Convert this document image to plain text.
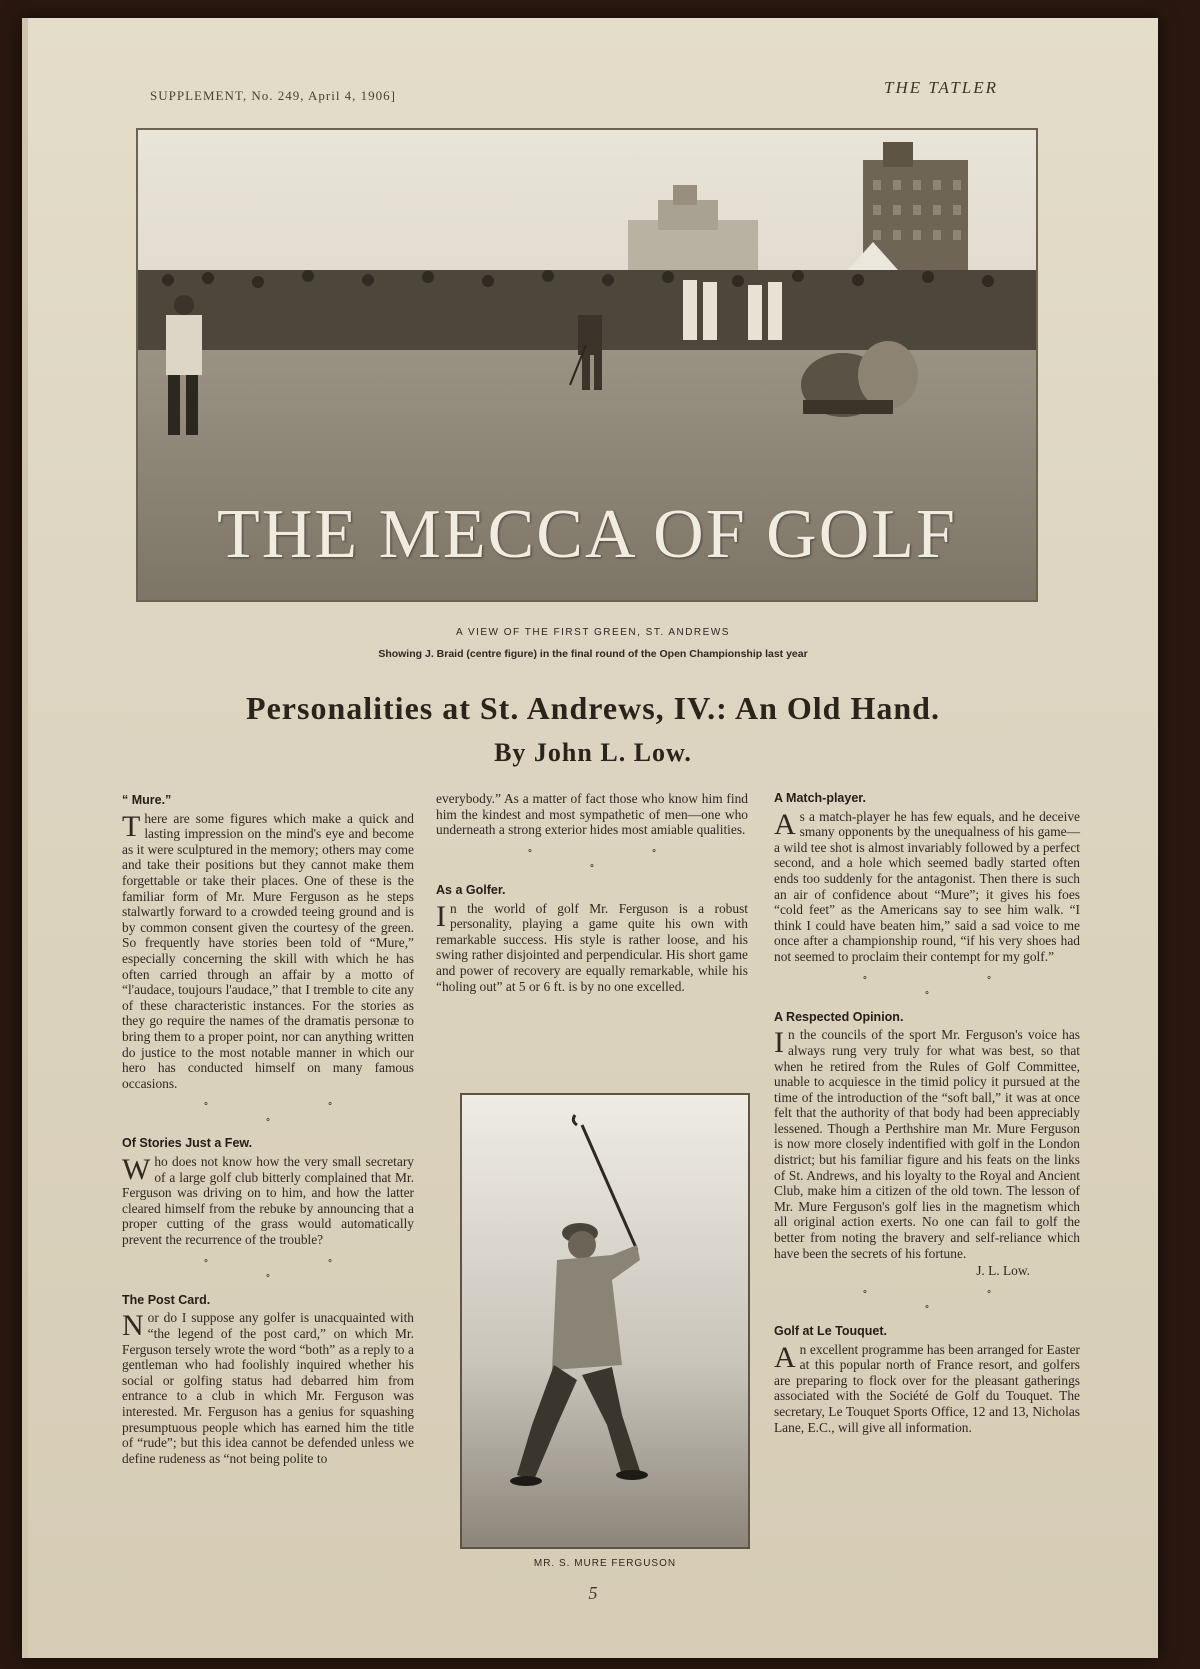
SUPPLEMENT, No. 249, April 4, 1906]	THE TATLER
THE MECCA OF GOLF
A VIEW OF THE FIRST GREEN, ST. ANDREWS
Showing J. Braid (centre figure) in the final round of the Open Championship last year
Personalities at St. Andrews, IV.: An Old Hand.
By John L. Low.
“ Mure.”

There are some figures which make a quick and lasting impression on the mind's eye and become as it were sculptured in the memory; others may come and take their positions but they cannot make them forgettable or take their places. One of these is the familiar form of Mr. Mure Ferguson as he steps stalwartly forward to a crowded teeing ground and is by common consent given the courtesy of the green. So frequently have stories been told of “Mure,” especially concerning the skill with which he has often carried through an affair by a motto of “l'audace, toujours l'audace,” that I tremble to cite any of these characteristic instances. For the stories as they go require the names of the dramatis personæ to bring them to a proper point, nor can anything written do justice to the most notable manner in which our hero has conducted himself on many famous occasions.

∘ ∘ ∘
Of Stories Just a Few.

Who does not know how the very small secretary of a large golf club bitterly complained that Mr. Ferguson was driving on to him, and how the latter cleared himself from the rebuke by announcing that a proper cutting of the grass would automatically prevent the recurrence of the trouble?

∘ ∘ ∘
The Post Card.

Nor do I suppose any golfer is unacquainted with “the legend of the post card,” on which Mr. Ferguson tersely wrote the word “both” as a reply to a gentleman who had foolishly inquired whether his social or golfing status had debarred him from entrance to a club in which Mr. Ferguson was interested. Mr. Ferguson has a genius for squashing presumptuous people which has earned him the title of “rude”; but this idea cannot be defended unless we define rudeness as “not being polite to

everybody.” As a matter of fact those who know him find him the kindest and most sympathetic of men—one who underneath a strong exterior hides most amiable qualities.

∘ ∘ ∘
As a Golfer.

In the world of golf Mr. Ferguson is a robust personality, playing a game quite his own with remarkable success. His style is rather loose, and his swing rather disjointed and perpendicular. His short game and power of recovery are equally remarkable, while his “holing out” at 5 or 6 ft. is by no one excelled.

MR. S. MURE FERGUSON
A Match-player.

As a match-player he has few equals, and he deceive smany opponents by the unequalness of his game—a wild tee shot is almost invariably followed by a perfect second, and a hole which seemed badly started often ends too suddenly for the antagonist. Then there is such an air of confidence about “Mure”; it gives his foes “cold feet” as the Americans say to see him walk. “I think I could have beaten him,” said a sad voice to me once after a championship round, “if his very shoes had not seemed to proclaim their contempt for my golf.”

∘ ∘ ∘
A Respected Opinion.

In the councils of the sport Mr. Ferguson's voice has always rung very truly for what was best, so that when he retired from the Rules of Golf Committee, unable to acquiesce in the timid policy it pursued at the time of the introduction of the “soft ball,” it was at once felt that the authority of that body had been appreciably lessened. Though a Perthshire man Mr. Mure Ferguson is now more closely indentified with golf in the London district; but his familiar figure and his feats on the links of St. Andrews, and his loyalty to the Royal and Ancient Club, make him a citizen of the old town. The lesson of Mr. Mure Ferguson's golf lies in the magnetism which all original action exerts. No one can fail to golf the better from noting the bravery and self-reliance which have been the secrets of his fortune.

J. L. Low.
∘ ∘ ∘
Golf at Le Touquet.

An excellent programme has been arranged for Easter at this popular north of France resort, and golfers are preparing to flock over for the pleasant gatherings associated with the Société de Golf du Touquet. The secretary, Le Touquet Sports Office, 12 and 13, Nicholas Lane, E.C., will give all information.

5
